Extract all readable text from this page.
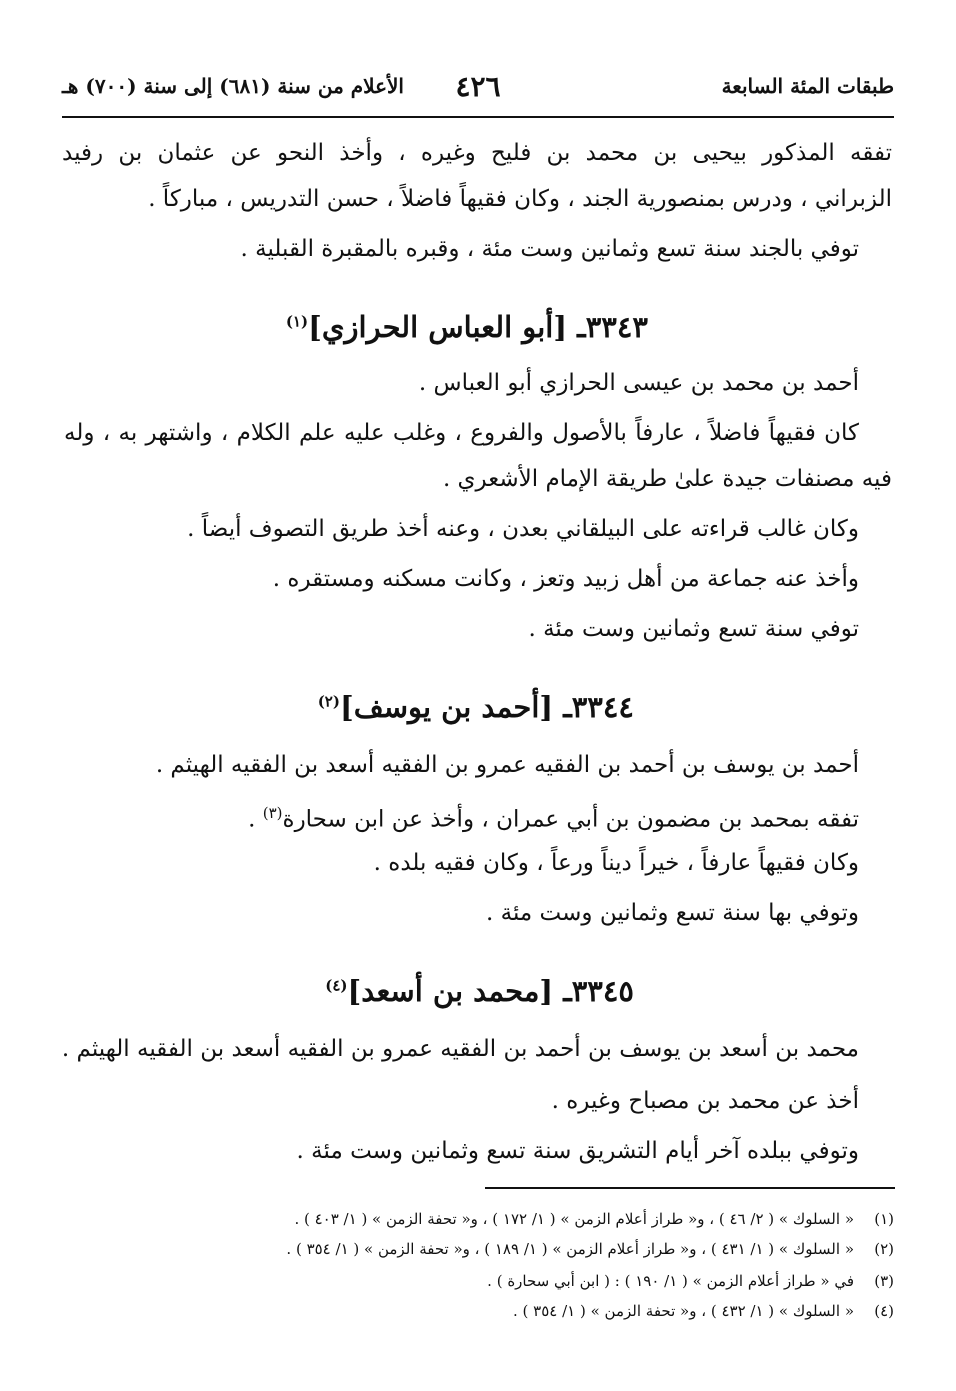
طبقات المئة السابعة
٤٢٦
الأعلام من سنة (٦٨١) إلى سنة (٧٠٠) هـ
تفقه المذكور بيحيى بن محمد بن فليح وغيره ، وأخذ النحو عن عثمان بن رفيد
الزبراني ، ودرس بمنصورية الجند ، وكان فقيهاً فاضلاً ، حسن التدريس ، مباركاً .
توفي بالجند سنة تسع وثمانين وست مئة ، وقبره بالمقبرة القبلية .
٣٣٤٣ـ [أبو العباس الحرازي]$^{(١)}$
أحمد بن محمد بن عيسى الحرازي أبو العباس .
كان فقيهاً فاضلاً ، عارفاً بالأصول والفروع ، وغلب عليه علم الكلام ، واشتهر به ، وله
فيه مصنفات جيدة علىٰ طريقة الإمام الأشعري .
وكان غالب قراءته على البيلقاني بعدن ، وعنه أخذ طريق التصوف أيضاً .
وأخذ عنه جماعة من أهل زبيد وتعز ، وكانت مسكنه ومستقره .
توفي سنة تسع وثمانين وست مئة .
٣٣٤٤ـ [أحمد بن يوسف]$^{(٢)}$
أحمد بن يوسف بن أحمد بن الفقيه عمرو بن الفقيه أسعد بن الفقيه الهيثم .
تفقه بمحمد بن مضمون بن أبي عمران ، وأخذ عن ابن سحارة$^{(٣)}$ .
وكان فقيهاً عارفاً ، خيراً ديناً ورعاً ، وكان فقيه بلده .
وتوفي بها سنة تسع وثمانين وست مئة .
٣٣٤٥ـ [محمد بن أسعد]$^{(٤)}$
محمد بن أسعد بن يوسف بن أحمد بن الفقيه عمرو بن الفقيه أسعد بن الفقيه الهيثم .
أخذ عن محمد بن مصباح وغيره .
وتوفي ببلده آخر أيام التشريق سنة تسع وثمانين وست مئة .
(١)« السلوك » ( ٢/ ٤٦ ) ، و« طراز أعلام الزمن » ( ١/ ١٧٢ ) ، و« تحفة الزمن » ( ١/ ٤٠٣ ) .
(٢)« السلوك » ( ١/ ٤٣١ ) ، و« طراز أعلام الزمن » ( ١/ ١٨٩ ) ، و« تحفة الزمن » ( ١/ ٣٥٤ ) .
(٣)في « طراز أعلام الزمن » ( ١/ ١٩٠ ) : ( ابن أبي سحارة ) .
(٤)« السلوك » ( ١/ ٤٣٢ ) ، و« تحفة الزمن » ( ١/ ٣٥٤ ) .
